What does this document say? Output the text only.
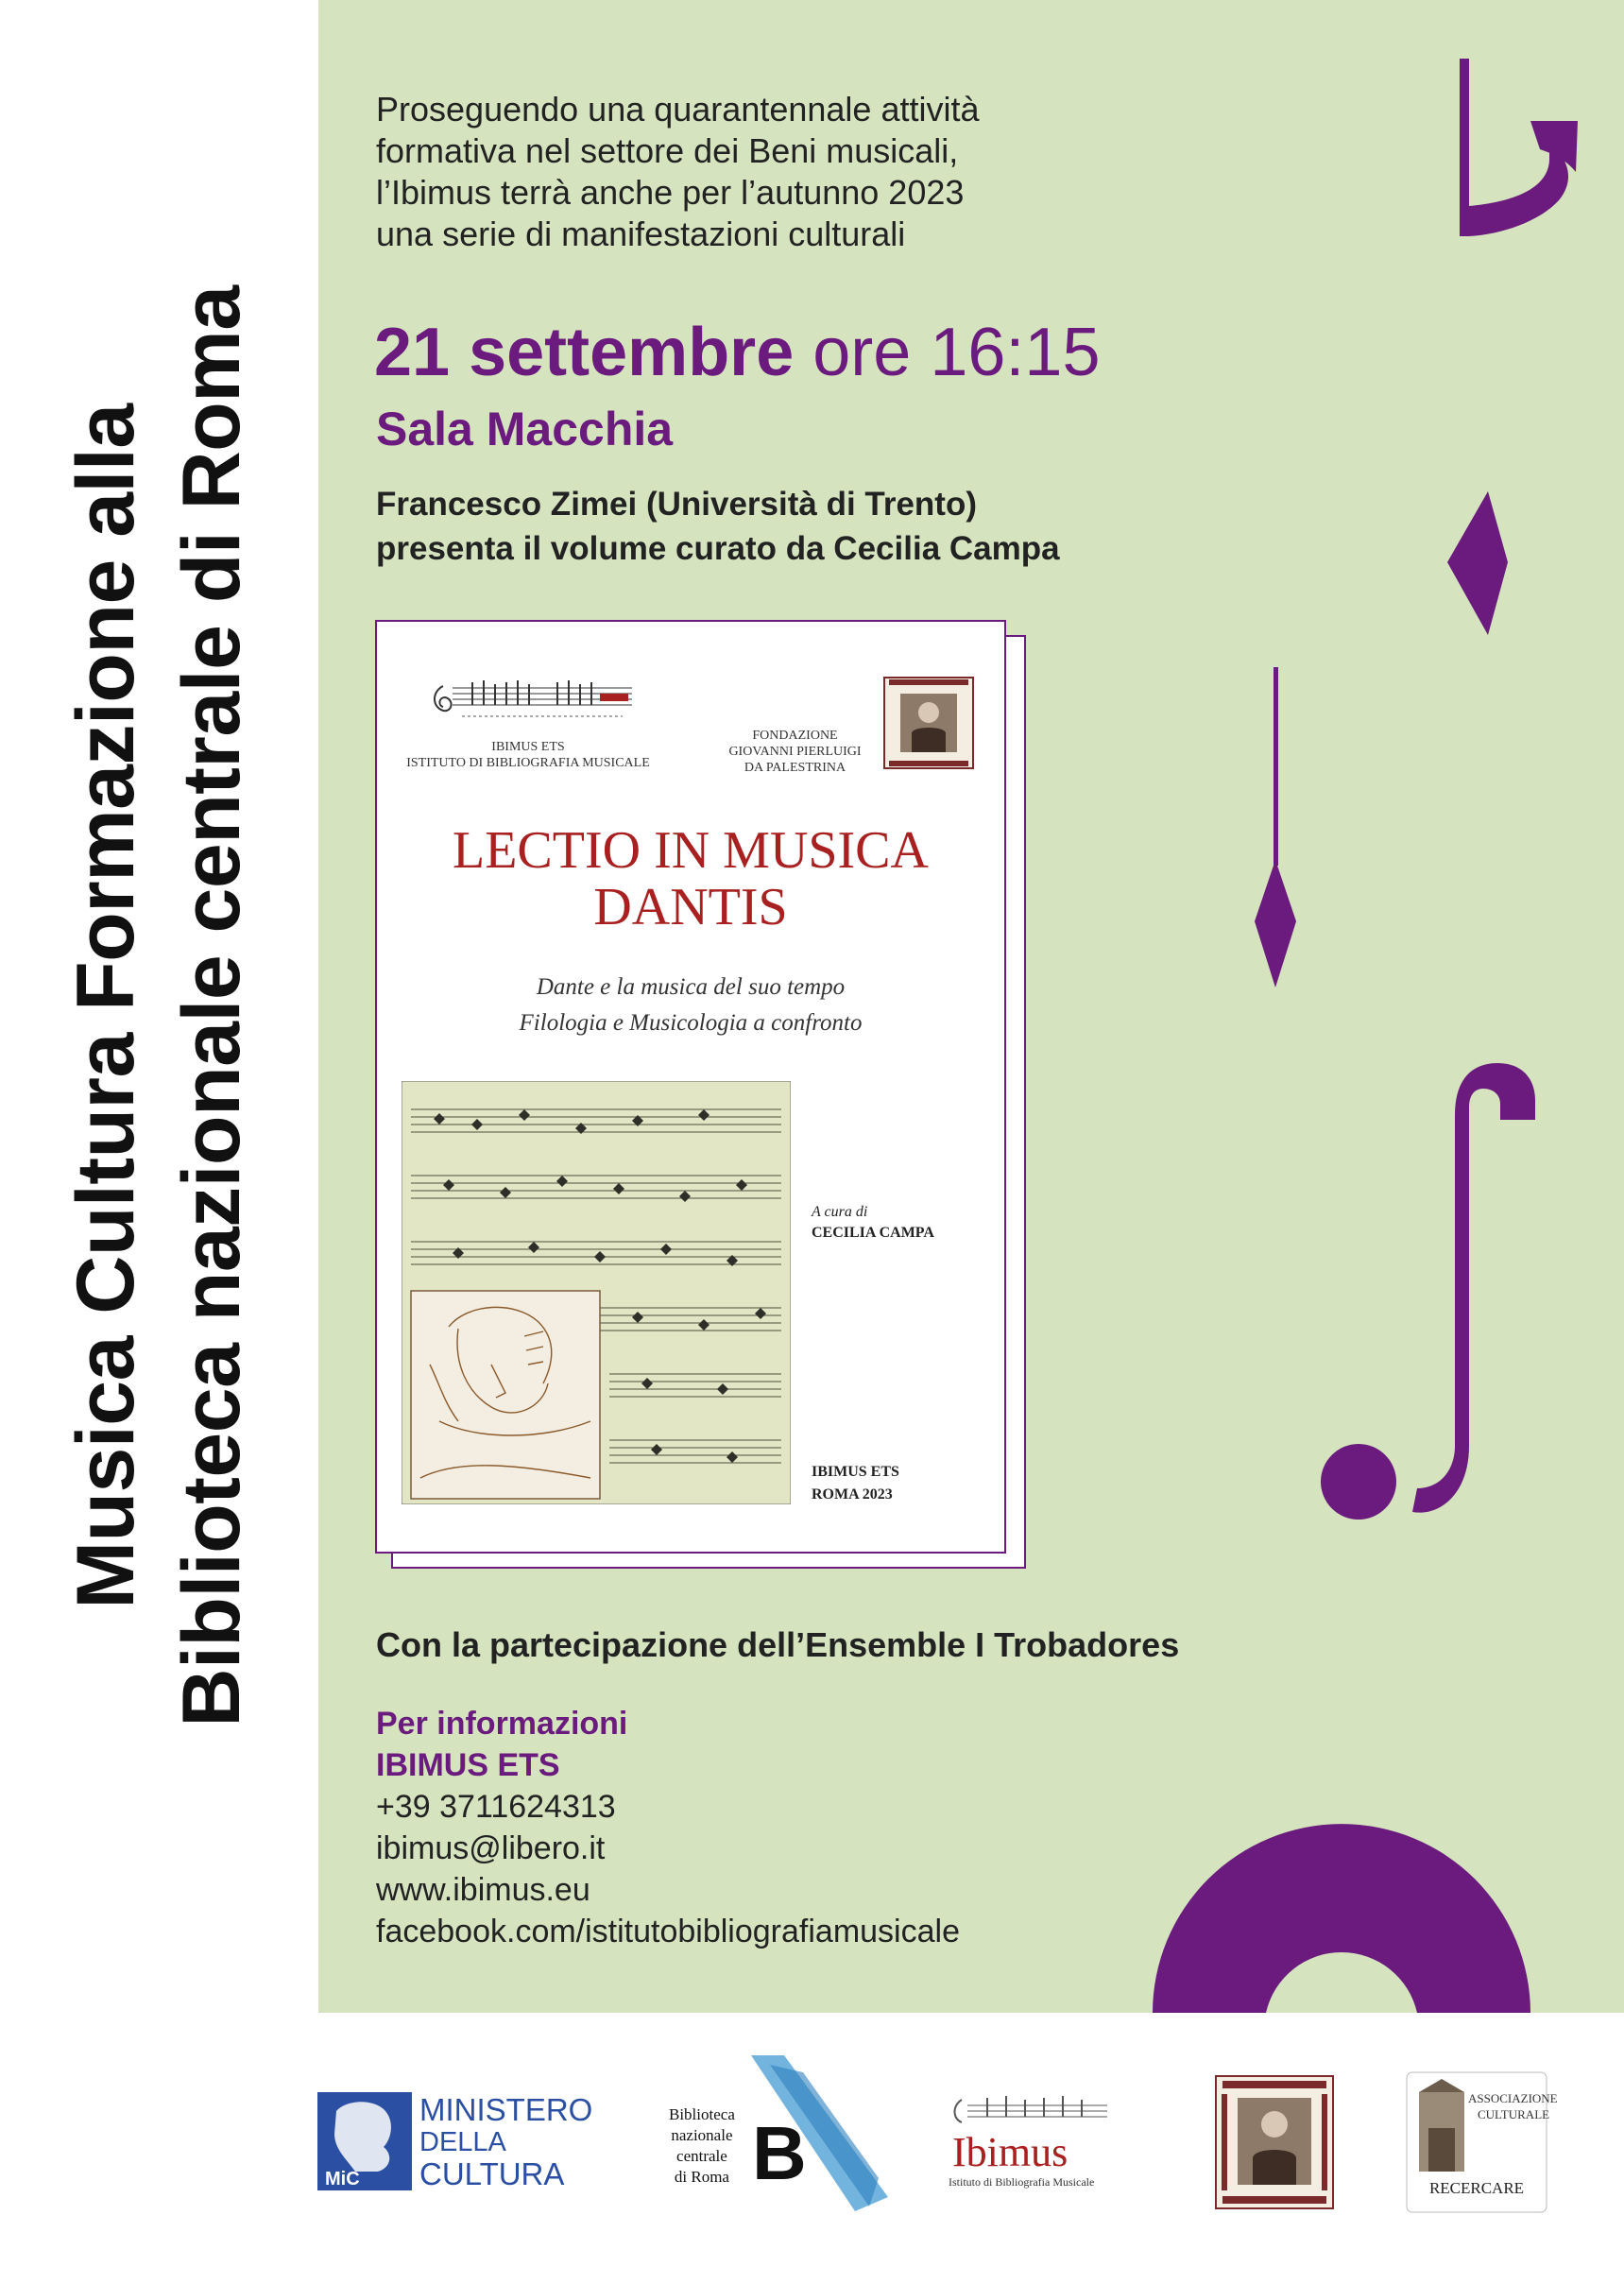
Musica Cultura Formazione alla Biblioteca nazionale centrale di Roma
Proseguendo una quarantennale attività
formativa nel settore dei Beni musicali,
l’Ibimus terrà anche per l’autunno 2023
una serie di manifestazioni culturali
21 settembre ore 16:15
Sala Macchia
Francesco Zimei (Università di Trento)
presenta il volume curato da Cecilia Campa
IBIMUS ETS
ISTITUTO DI BIBLIOGRAFIA MUSICALE
FONDAZIONE
GIOVANNI PIERLUIGI
DA PALESTRINA
LECTIO IN MUSICA
DANTIS
Dante e la musica del suo tempo
Filologia e Musicologia a confronto
A cura di
CECILIA CAMPA
IBIMUS ETS
ROMA 2023
Con la partecipazione dell’Ensemble I Trobadores
Per informazioni
IBIMUS ETS
+39 3711624313
ibimus@libero.it
www.ibimus.eu
facebook.com/istitutobibliografiamusicale
MiC
MINISTERO
DELLA
CULTURA
Biblioteca
nazionale
centrale
di Roma B	Ibimus
Istituto di Bibliografia Musicale
ASSOCIAZIONE
CULTURALE
RECERCARE
